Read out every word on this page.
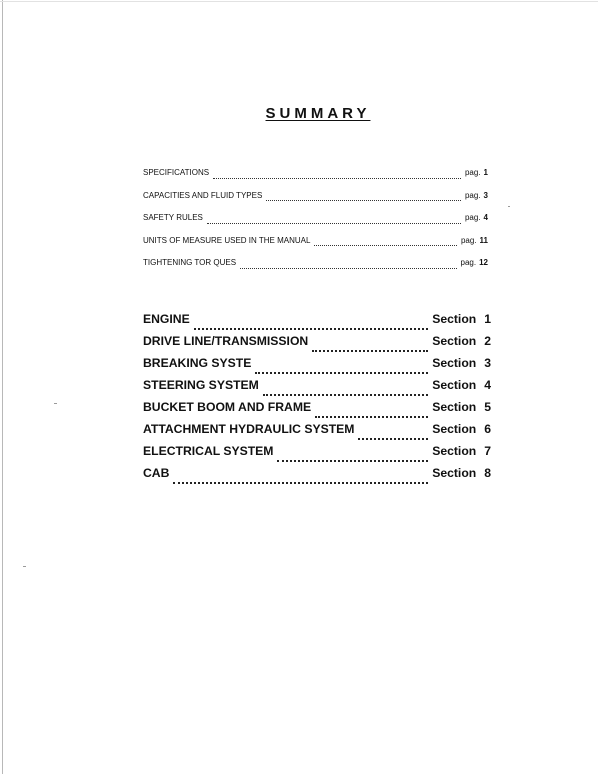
SUMMARY
SPECIFICATIONS	pag. 1
CAPACITIES AND FLUID TYPES	pag. 3
SAFETY RULES	pag. 4
UNITS OF MEASURE USED IN THE MANUAL	pag. 11
TIGHTENING TOR QUES	pag. 12
ENGINE	Section 1
DRIVE LINE/TRANSMISSION	Section 2
BREAKING SYSTE	Section 3
STEERING SYSTEM	Section 4
BUCKET BOOM AND FRAME	Section 5
ATTACHMENT HYDRAULIC SYSTEM	Section 6
ELECTRICAL SYSTEM	Section 7
CAB	Section 8
